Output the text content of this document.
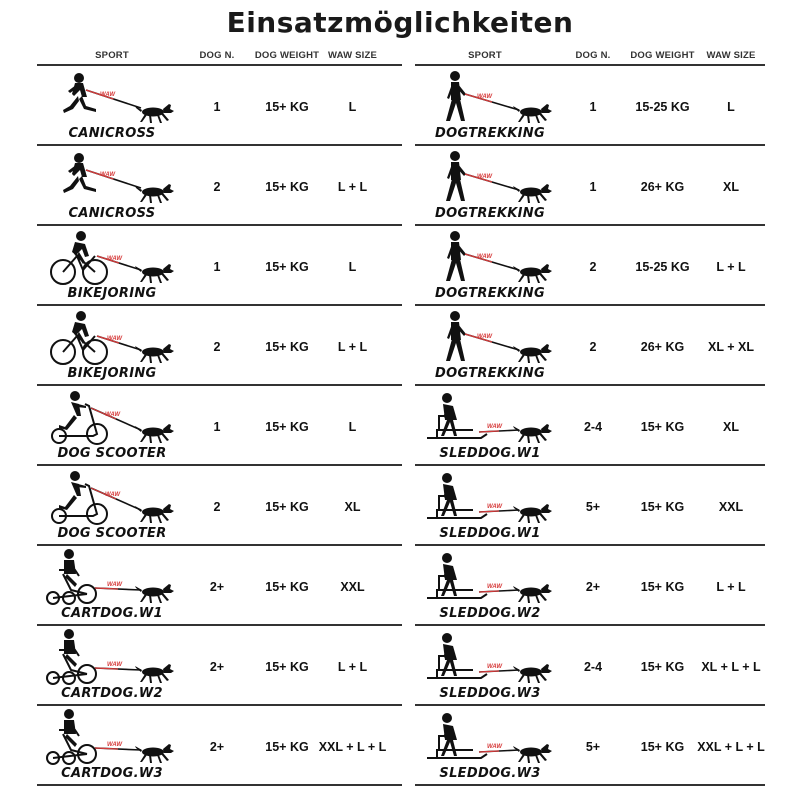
Einsatzmöglichkeiten
SPORT	DOG N.	DOG WEIGHT WAW SIZE
WAW
CANICROSS
1	15+ KG	L
WAW
CANICROSS
2	15+ KG	L + L
WAW
BIKEJORING
1	15+ KG	L
WAW
BIKEJORING
2	15+ KG	L + L
WAW
DOG SCOOTER
1	15+ KG	L
WAW
DOG SCOOTER
2	15+ KG	XL
WAW
CARTDOG.W1
2+	15+ KG	XXL
WAW
CARTDOG.W2
2+	15+ KG	L + L
WAW
CARTDOG.W3
2+	15+ KG XXL + L + L
SPORT	DOG N.	DOG WEIGHT	WAW SIZE
WAW
DOGTREKKING
1	15-25 KG	L
WAW
DOGTREKKING
1	26+ KG	XL
WAW
DOGTREKKING
2	15-25 KG	L + L
WAW
DOGTREKKING
2	26+ KG	XL + XL
WAW
SLEDDOG.W1
2-4	15+ KG	XL
WAW
SLEDDOG.W1
5+	15+ KG	XXL
WAW
SLEDDOG.W2
2+	15+ KG	L + L
WAW
SLEDDOG.W3
2-4	15+ KG	XL + L + L
WAW
SLEDDOG.W3
5+	15+ KG	XXL + L + L
